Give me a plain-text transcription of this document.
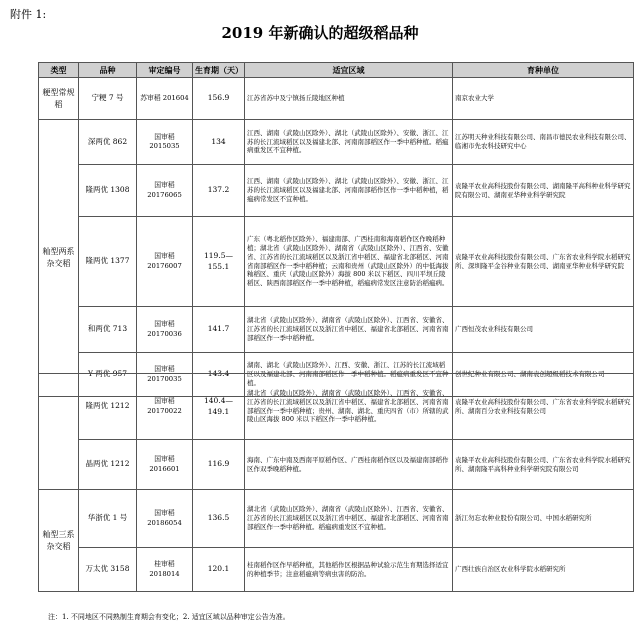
附件 1:
2019 年新确认的超级稻品种
类型	品种	审定编号	生育期（天）	适宜区域	育种单位
粳型常规稻	宁粳 7 号	苏审稻 201604	156.9	江苏省苏中及宁镇扬丘陵地区种植	南京农业大学
籼型两系杂交稻	深两优 862	国审稻 2015035	134	江西、湖南（武陵山区除外）、湖北（武陵山区除外）、安徽、浙江、江苏的长江流域稻区以及福建北部、河南南部稻区作一季中稻种植。稻瘟病重发区不宜种植。	江苏明天种业科技有限公司、南昌市德民农业科技有限公司、临湘市先农科技研究中心
	隆两优 1308	国审稻 20176065	137.2	江西、湖南（武陵山区除外）、湖北（武陵山区除外）、安徽、浙江、江苏的长江流域稻区以及福建北部、河南南部稻作区作一季中稻种植，稻瘟病常发区不宜种植。	袁隆平农业高科技股份有限公司、湖南隆平高科种业科学研究院有限公司、湖南亚华种业科学研究院
	隆两优 1377	国审稻 20176007	119.5—155.1	广东（粤北稻作区除外）、福建南部、广西桂南和海南稻作区作晚稻种植；湖北省（武陵山区除外）、湖南省（武陵山区除外）、江西省、安徽省、江苏省的长江流域稻区以及浙江省中稻区、福建省北部稻区、河南省南部稻区作一季中稻种植；云南和贵州（武陵山区除外）的中低海拔籼稻区、重庆（武陵山区除外）海拔 800 米以下稻区、四川平坝丘陵稻区、陕西南部稻区作一季中稻种植，稻瘟病常发区注意防治稻瘟病。	袁隆平农业高科技股份有限公司、广东省农业科学院水稻研究所、深圳隆平金谷种业有限公司、湖南亚华种业科学研究院
	和两优 713	国审稻 20170036	141.7	湖北省（武陵山区除外）、湖南省（武陵山区除外）、江西省、安徽省、江苏省的长江流域稻区以及浙江省中稻区、福建省北部稻区、河南省南部稻区作一季中稻种植。	广西恒茂农业科技有限公司
	Y 两优 957	国审稻 20170035	143.4	湖南、湖北（武陵山区除外）、江西、安徽、浙江、江苏的长江流域稻区以及福建北部、河南南部稻区作一季中稻种植。稻瘟病重发区不宜种植。	创世纪种业有限公司、湖南袁创超级稻技术有限公司
	隆两优 1212	国审稻 20170022	140.4—149.1	湖北省（武陵山区除外）、湖南省（武陵山区除外）、江西省、安徽省、江苏省的长江流域稻区以及浙江省中稻区、福建省北部稻区、河南省南部稻区作一季中稻种植；贵州、湖南、湖北、重庆四省（市）所辖的武陵山区海拔 800 米以下稻区作一季中稻种植。	袁隆平农业高科技股份有限公司、广东省农业科学院水稻研究所、湖南百分农业科技有限公司
	晶两优 1212	国审稻 2016601	116.9	海南、广东中南及西南平原稻作区、广西桂南稻作区以及福建南部稻作区作双季晚稻种植。	袁隆平农业高科技股份有限公司、广东省农业科学院水稻研究所、湖南隆平高科种业科学研究院有限公司
籼型三系杂交稻	华浙优 1 号	国审稻 20186054	136.5	湖北省（武陵山区除外）、湖南省（武陵山区除外）、江西省、安徽省、江苏省的长江流域稻区以及浙江省中稻区、福建省北部稻区、河南省南部稻区作一季中稻种植。稻瘟病重发区不宜种植。	浙江勿忘农种业股份有限公司、中国水稻研究所
	万太优 3158	桂审稻 2018014	120.1	桂南稻作区作早稻种植，其他稻作区根据品种试验示范生育期选择适宜的种植季节；注意稻瘟病等病虫害的防治。	广西壮族自治区农业科学院水稻研究所
注：1. 不同地区不同熟制生育期会有变化；2. 适宜区域以品种审定公告为准。
